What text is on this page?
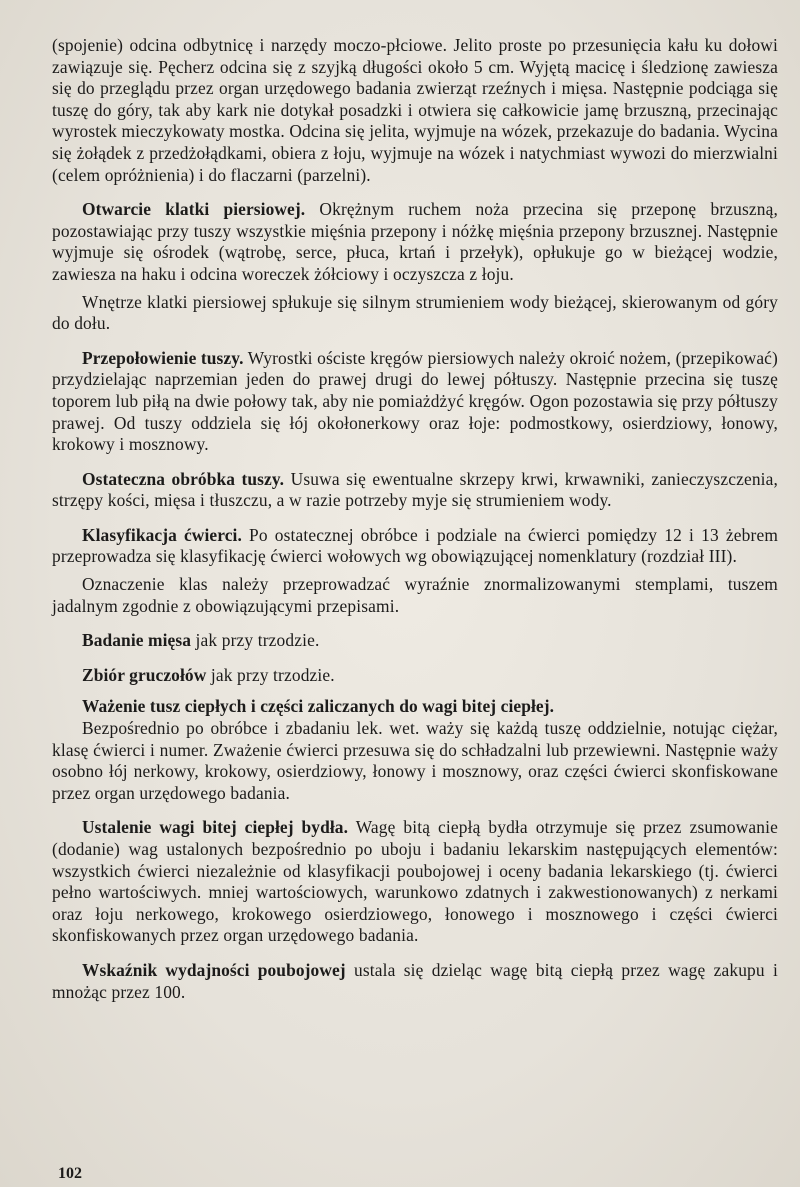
(spojenie) odcina odbytnicę i narzędy moczo-płciowe. Jelito proste po przesunięcia kału ku dołowi zawiązuje się. Pęcherz odcina się z szyjką długości około 5 cm. Wyjętą macicę i śledzionę zawiesza się do przeglądu przez organ urzędowego badania zwierząt rzeźnych i mięsa. Następnie podciąga się tuszę do góry, tak aby kark nie dotykał posadzki i otwiera się całkowicie jamę brzuszną, przecinając wyrostek mieczykowaty mostka. Odcina się jelita, wyjmuje na wózek, przekazuje do badania. Wycina się żołądek z przedżołądkami, obiera z łoju, wyjmuje na wózek i natychmiast wywozi do mierzwialni (celem opróżnienia) i do flaczarni (parzelni).

Otwarcie klatki piersiowej. Okrężnym ruchem noża przecina się przeponę brzuszną, pozostawiając przy tuszy wszystkie mięśnia przepony i nóżkę mięśnia przepony brzusznej. Następnie wyjmuje się ośrodek (wątrobę, serce, płuca, krtań i przełyk), opłukuje go w bieżącej wodzie, zawiesza na haku i odcina woreczek żółciowy i oczyszcza z łoju.

Wnętrze klatki piersiowej spłukuje się silnym strumieniem wody bieżącej, skierowanym od góry do dołu.

Przepołowienie tuszy. Wyrostki ościste kręgów piersiowych należy okroić nożem, (przepikować) przydzielając naprzemian jeden do prawej drugi do lewej półtuszy. Następnie przecina się tuszę toporem lub piłą na dwie połowy tak, aby nie pomiażdżyć kręgów. Ogon pozostawia się przy półtuszy prawej. Od tuszy oddziela się łój okołonerkowy oraz łoje: podmostkowy, osierdziowy, łonowy, krokowy i mosznowy.

Ostateczna obróbka tuszy. Usuwa się ewentualne skrzepy krwi, krwawniki, zanieczyszczenia, strzępy kości, mięsa i tłuszczu, a w razie potrzeby myje się strumieniem wody.

Klasyfikacja ćwierci. Po ostatecznej obróbce i podziale na ćwierci pomiędzy 12 i 13 żebrem przeprowadza się klasyfikację ćwierci wołowych wg obowiązującej nomenklatury (rozdział III).

Oznaczenie klas należy przeprowadzać wyraźnie znormalizowanymi stemplami, tuszem jadalnym zgodnie z obowiązującymi przepisami.

Badanie mięsa jak przy trzodzie.

Zbiór gruczołów jak przy trzodzie.

Ważenie tusz ciepłych i części zaliczanych do wagi bitej ciepłej.

Bezpośrednio po obróbce i zbadaniu lek. wet. waży się każdą tuszę oddzielnie, notując ciężar, klasę ćwierci i numer. Zważenie ćwierci przesuwa się do schładzalni lub przewiewni. Następnie waży osobno łój nerkowy, krokowy, osierdziowy, łonowy i mosznowy, oraz części ćwierci skonfiskowane przez organ urzędowego badania.

Ustalenie wagi bitej ciepłej bydła. Wagę bitą ciepłą bydła otrzymuje się przez zsumowanie (dodanie) wag ustalonych bezpośrednio po uboju i badaniu lekarskim następujących elementów: wszystkich ćwierci niezależnie od klasyfikacji poubojowej i oceny badania lekarskiego (tj. ćwierci pełno wartościwych. mniej wartościowych, warunkowo zdatnych i zakwestionowanych) z nerkami oraz łoju nerkowego, krokowego osierdziowego, łonowego i mosznowego i części ćwierci skonfiskowanych przez organ urzędowego badania.

Wskaźnik wydajności poubojowej ustala się dzieląc wagę bitą ciepłą przez wagę zakupu i mnożąc przez 100.

102
